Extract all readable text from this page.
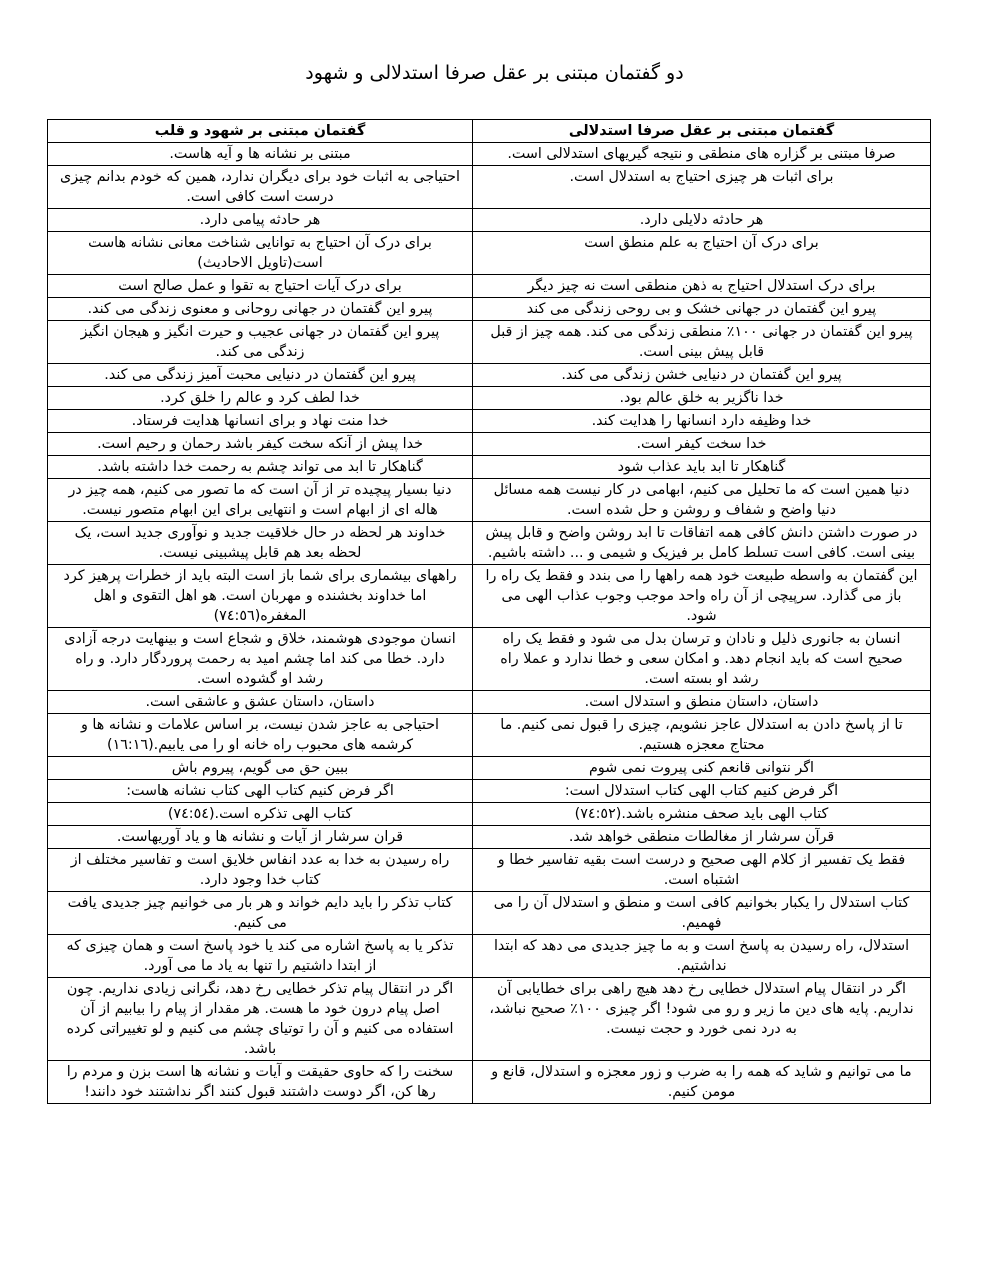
دو گفتمان مبتنی بر عقل صرفا استدلالی و شهود
گفتمان مبتنی بر عقل صرفا استدلالی	گفتمان مبتنی بر شهود و قلب
صرفا مبتنی بر گزاره های منطقی و نتیجه گیریهای استدلالی است.	مبتنی بر نشانه ها و آیه هاست.
برای اثبات هر چیزی احتیاج به استدلال است.	احتیاجی به اثبات خود برای دیگران ندارد، همین که خودم بدانم چیزی درست است کافی است.
هر حادثه دلایلی دارد.	هر حادثه پیامی دارد.
برای درک آن احتیاج به علم منطق است	برای درک آن احتیاج به توانایی شناخت معانی نشانه هاست است(تاویل الاحادیث)
برای درک استدلال احتیاج به ذهن منطقی است نه چیز دیگر	برای درک آیات احتیاج به تقوا و عمل صالح است
پیرو این گفتمان در جهانی خشک و بی روحی زندگی می کند	پیرو این گفتمان در جهانی روحانی و معنوی زندگی می کند.
پیرو این گفتمان در جهانی ۱۰۰٪ منطقی زندگی می کند. همه چیز از قبل قابل پیش بینی است.	پیرو این گفتمان در جهانی عجیب و حیرت انگیز و هیجان انگیز زندگی می کند.
پیرو این گفتمان در دنیایی خشن زندگی می کند.	پیرو این گفتمان در دنیایی محبت آمیز زندگی می کند.
خدا ناگزیر به خلق عالم بود.	خدا لطف کرد و عالم را خلق کرد.
خدا وظیفه دارد انسانها را هدایت کند.	خدا منت نهاد و برای انسانها هدایت فرستاد.
خدا سخت کیفر است.	خدا پیش از آنکه سخت کیفر باشد رحمان و رحیم است.
گناهکار تا ابد باید عذاب شود	گناهکار تا ابد می تواند چشم به رحمت خدا داشته باشد.
دنیا همین است که ما تحلیل می کنیم، ابهامی در کار نیست همه مسائل دنیا واضح و شفاف و روشن و حل شده است.	دنیا بسیار پیچیده تر از آن است که ما تصور می کنیم، همه چیز در هاله ای از ابهام است و انتهایی برای این ابهام متصور نیست.
در صورت داشتن دانش کافی همه اتفاقات تا ابد روشن واضح و قابل پیش بینی است. کافی است تسلط کامل بر فیزیک و شیمی و ... داشته باشیم.	خداوند هر لحظه در حال خلاقیت جدید و نوآوری جدید است، یک لحظه بعد هم قابل پیشبینی نیست.
این گفتمان به واسطه طبیعت خود همه راهها را می بندد و فقط یک راه را باز می گذارد. سرپیچی از آن راه واحد موجب وجوب عذاب الهی می شود.	راههای بیشماری برای شما باز است البته باید از خطرات پرهیز کرد اما خداوند بخشنده و مهربان است. هو اهل التقوی و اهل المغفره(۷٤:٥٦)
انسان به جانوری ذلیل و نادان و ترسان بدل می شود و فقط یک راه صحیح است که باید انجام دهد. و امکان سعی و خطا ندارد و عملا راه رشد او بسته است.	انسان موجودی هوشمند، خلاق و شجاع است و بینهایت درجه آزادی دارد. خطا می کند اما چشم امید به رحمت پروردگار دارد. و راه رشد او گشوده است.
داستان، داستان منطق و استدلال است.	داستان، داستان عشق و عاشقی است.
تا از پاسخ دادن به استدلال عاجز نشویم، چیزی را قبول نمی کنیم. ما محتاج معجزه هستیم.	احتیاجی به عاجز شدن نیست، بر اساس علامات و نشانه ها و کرشمه های محبوب راه خانه او را می یابیم.(١٦:١٦)
اگر نتوانی قانعم کنی پیروت نمی شوم	ببین حق می گویم، پیروم باش
اگر فرض کنیم کتاب الهی کتاب استدلال است:	اگر فرض کنیم کتاب الهی کتاب نشانه هاست:
کتاب الهی باید صحف منشره باشد.(۷٤:٥٢)	کتاب الهی تذکره است.(۷٤:٥٤)
قرآن سرشار از مغالطات منطقی خواهد شد.	قران سرشار از آیات و نشانه ها و یاد آوریهاست.
فقط یک تفسیر از کلام الهی صحیح و درست است بقیه تفاسیر خطا و اشتباه است.	راه رسیدن به خدا به عدد انفاس خلایق است و تفاسیر مختلف از کتاب خدا وجود دارد.
کتاب استدلال را یکبار بخوانیم کافی است و منطق و استدلال آن را می فهمیم.	کتاب تذکر را باید دایم خواند و هر بار می خوانیم چیز جدیدی یافت می کنیم.
استدلال، راه رسیدن به پاسخ است و به ما چیز جدیدی می دهد که ابتدا نداشتیم.	تذکر یا به پاسخ اشاره می کند یا خود پاسخ است و همان چیزی که از ابتدا داشتیم را تنها به یاد ما می آورد.
اگر در انتقال پیام استدلال خطایی رخ دهد هیچ راهی برای خطایابی آن نداریم. پایه های دین ما زیر و رو می شود! اگر چیزی ۱۰۰٪ صحیح نباشد، به درد نمی خورد و حجت نیست.	اگر در انتقال پیام تذکر خطایی رخ دهد، نگرانی زیادی نداریم. چون اصل پیام درون خود ما هست. هر مقدار از پیام را بیابیم از آن استفاده می کنیم و آن را توتیای چشم می کنیم و لو تغییراتی کرده باشد.
ما می توانیم و شاید که همه را به ضرب و زور معجزه و استدلال، قانع و مومن کنیم.	سخنت را که حاوی حقیقت و آیات و نشانه ها است بزن و مردم را رها کن، اگر دوست داشتند قبول کنند اگر نداشتند خود دانند!
